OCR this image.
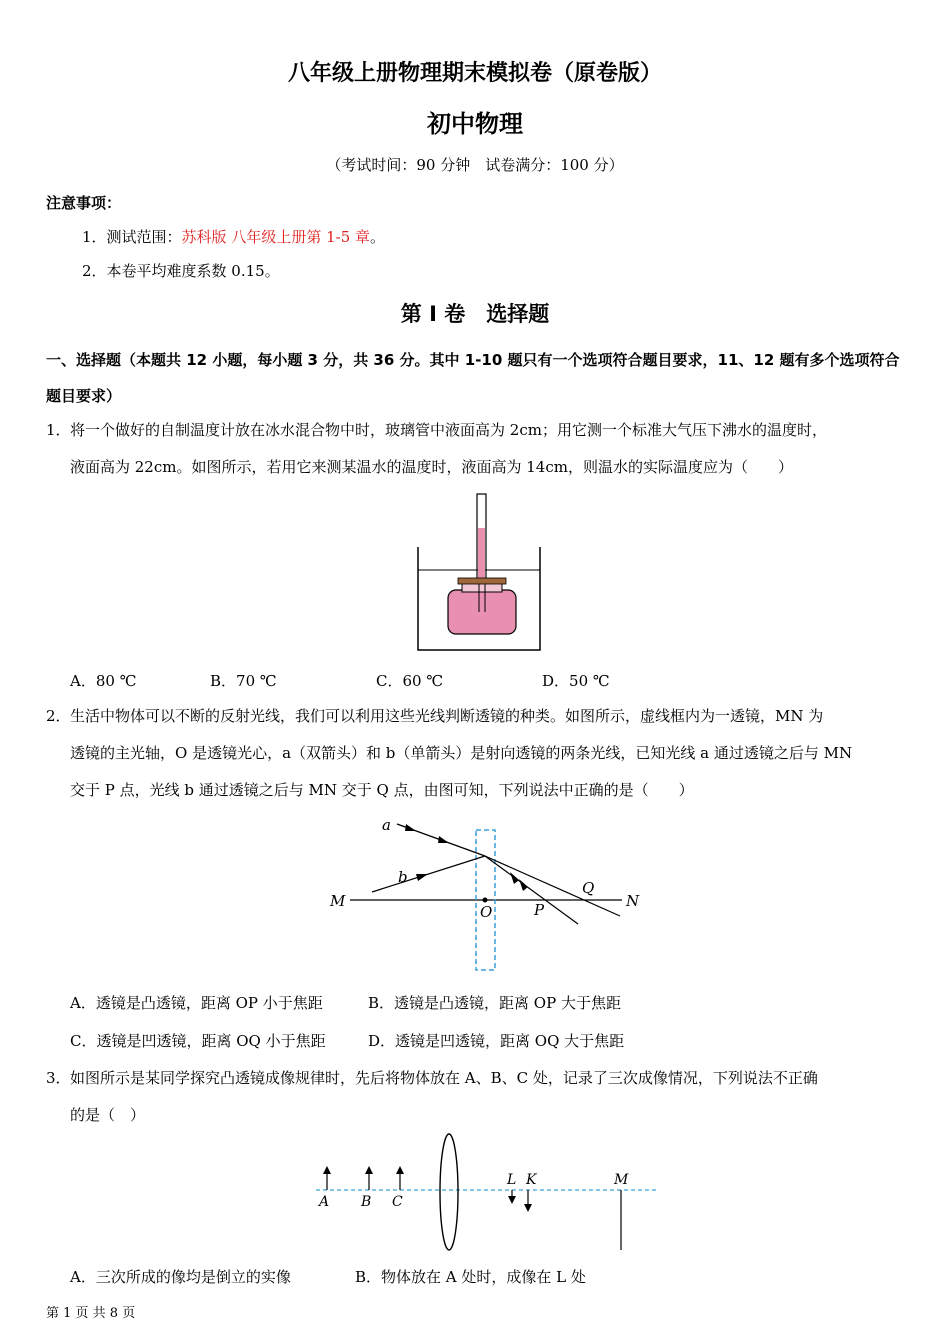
八年级上册物理期末模拟卷（原卷版）
初中物理
（考试时间：90 分钟　试卷满分：100 分）
注意事项：
1．测试范围：苏科版 八年级上册第 1-5 章。
2．本卷平均难度系数 0.15。
第 I 卷　选择题
一、选择题（本题共 12 小题，每小题 3 分，共 36 分。其中 1-10 题只有一个选项符合题目要求，11、12 题有多个选项符合题目要求）
1．将一个做好的自制温度计放在冰水混合物中时，玻璃管中液面高为 2cm；用它测一个标准大气压下沸水的温度时，
液面高为 22cm。如图所示，若用它来测某温水的温度时，液面高为 14cm，则温水的实际温度应为（　　）
A．80 ℃	B．70 ℃	C．60 ℃	D．50 ℃
2．生活中物体可以不断的反射光线，我们可以利用这些光线判断透镜的种类。如图所示，虚线框内为一透镜，MN 为
透镜的主光轴，O 是透镜光心，a（双箭头）和 b（单箭头）是射向透镜的两条光线，已知光线 a 通过透镜之后与 MN
交于 P 点，光线 b 通过透镜之后与 MN 交于 Q 点，由图可知，下列说法中正确的是（　　）
a
b
M	N
O	P
Q
A．透镜是凸透镜，距离 OP 小于焦距	B．透镜是凸透镜，距离 OP 大于焦距
C．透镜是凹透镜，距离 OQ 小于焦距	D．透镜是凹透镜，距离 OQ 大于焦距
3．如图所示是某同学探究凸透镜成像规律时，先后将物体放在 A、B、C 处，记录了三次成像情况，下列说法不正确
的是（　）
A B C
L K	M
A．三次所成的像均是倒立的实像	B．物体放在 A 处时，成像在 L 处
第 1 页 共 8 页
